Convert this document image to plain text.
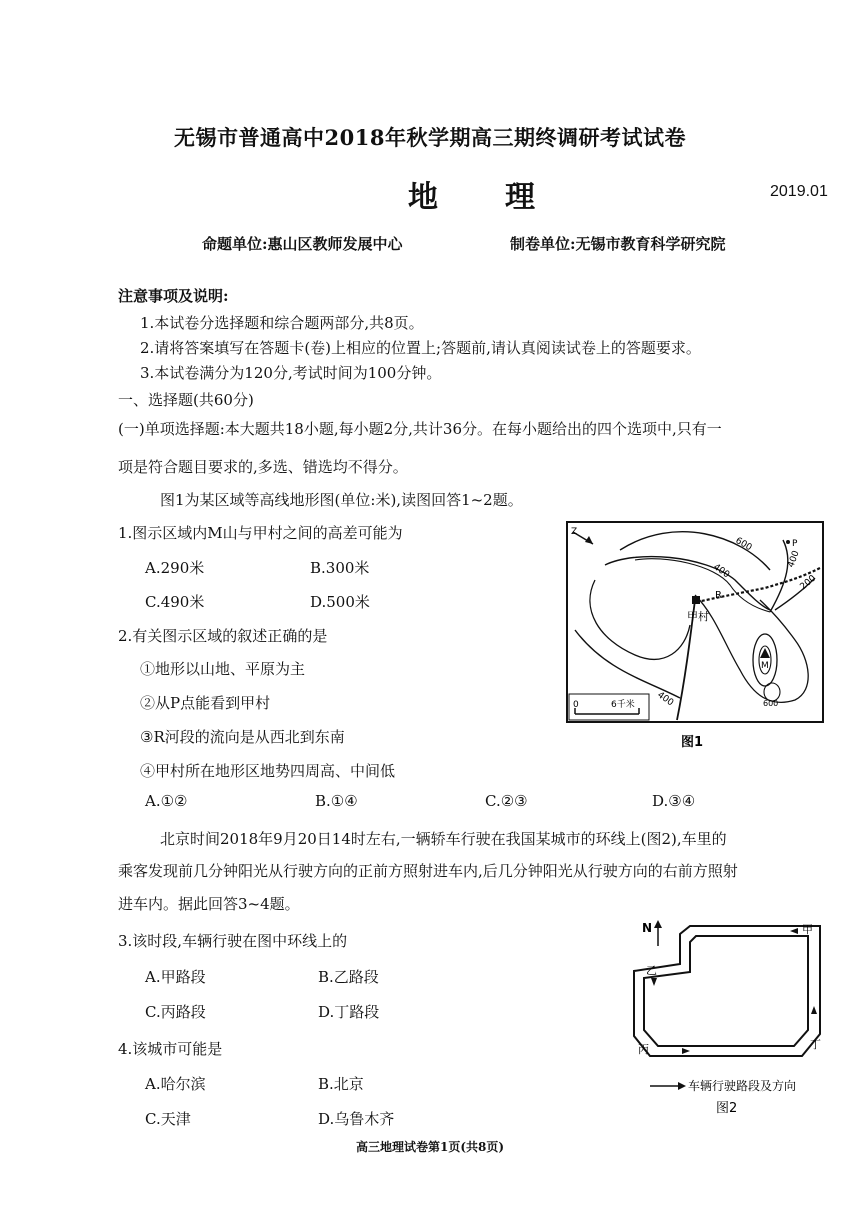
无锡市普通高中2018年秋学期高三期终调研考试试卷
地 理	2019.01
命题单位:惠山区教师发展中心	制卷单位:无锡市教育科学研究院
注意事项及说明:
1.本试卷分选择题和综合题两部分,共8页。
2.请将答案填写在答题卡(卷)上相应的位置上;答题前,请认真阅读试卷上的答题要求。
3.本试卷满分为120分,考试时间为100分钟。
一、选择题(共60分)
(一)单项选择题:本大题共18小题,每小题2分,共计36分。在每小题给出的四个选项中,只有一
项是符合题目要求的,多选、错选均不得分。
图1为某区域等高线地形图(单位:米),读图回答1~2题。
1.图示区域内M山与甲村之间的高差可能为
A.290米	B.300米
C.490米	D.500米
2.有关图示区域的叙述正确的是
①地形以山地、平原为主
②从P点能看到甲村
③R河段的流向是从西北到东南
④甲村所在地形区地势四周高、中间低
A.①②	B.①④	C.②③	D.③④
北京时间2018年9月20日14时左右,一辆轿车行驶在我国某城市的环线上(图2),车里的
乘客发现前几分钟阳光从行驶方向的正前方照射进车内,后几分钟阳光从行驶方向的右前方照射
进车内。据此回答3~4题。
3.该时段,车辆行驶在图中环线上的
A.甲路段	B.乙路段
C.丙路段	D.丁路段
4.该城市可能是
A.哈尔滨	B.北京
C.天津	D.乌鲁木齐
Z
甲村
R
P
M
600
400
400
200
400	600
0	6千米
图1
N	甲
乙
丙	丁
车辆行驶路段及方向
图2
高三地理试卷第1页(共8页)
